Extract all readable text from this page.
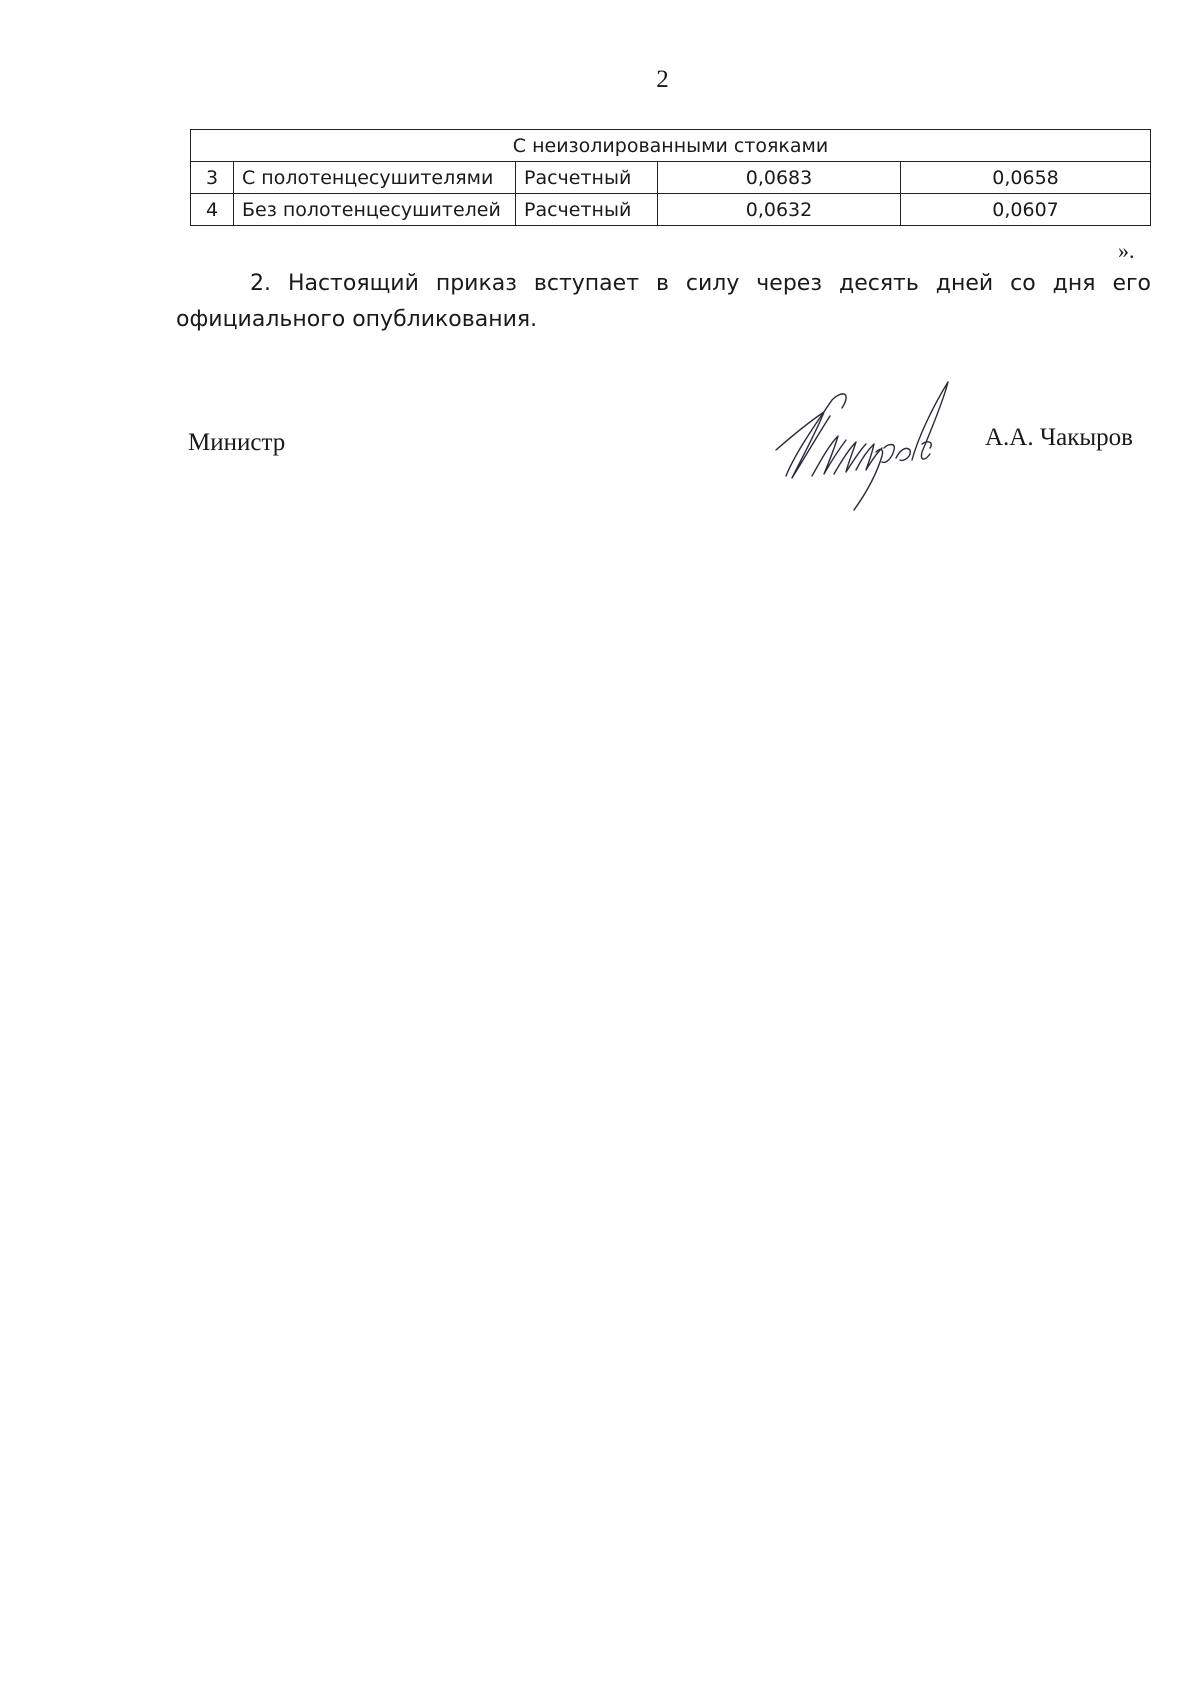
2
С неизолированными стояками				
3	С полотенцесушителями	Расчетный	0,0683	0,0658
4	Без полотенцесушителей	Расчетный	0,0632	0,0607
».
2. Настоящий приказ вступает в силу через десять дней со дня его официального опубликования.
Министр	А.А. Чакыров
